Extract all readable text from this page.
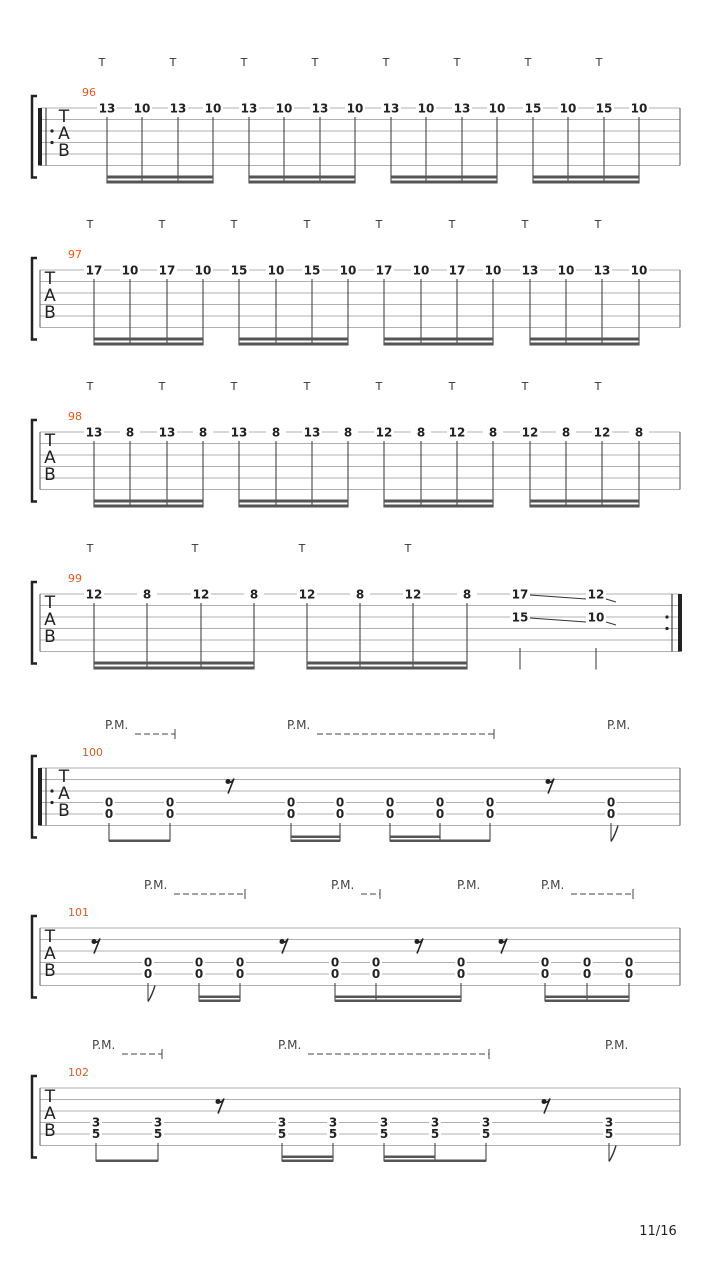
T
A
B
96
T	T	T	T	T	T	T	T
13 10 13 10 13 10 13 10 13 10 13 10 15 10 15 10
T
A
B
97
T	T	T	T	T	T	T	T
17 10 17 10 15 10 15 10 17 10 17 10 13 10 13 10
T
A
B
98
T	T	T	T	T	T	T	T
13 8 13 8 13 8 13 8 12 8 12 8 12 8 12 8
T
A
B
99
T	T	T	T
12	8	12	8	12	8	12	8	17	12
15	10
T
A
B
100
P.M.	P.M.	P.M.
0
0
0
0
0
0
0
0
0
0
0
0
0
0
0
0
T
A
B
101
P.M.	P.M.	P.M.	P.M.
0
0
0
0
0
0
0
0
0
0
0
0
0
0
0
0
0
0
T
A
B
102
P.M.	P.M.	P.M.
3
5
3
5
3
5
3
5
3
5
3
5
3
5
3
5
11/16
